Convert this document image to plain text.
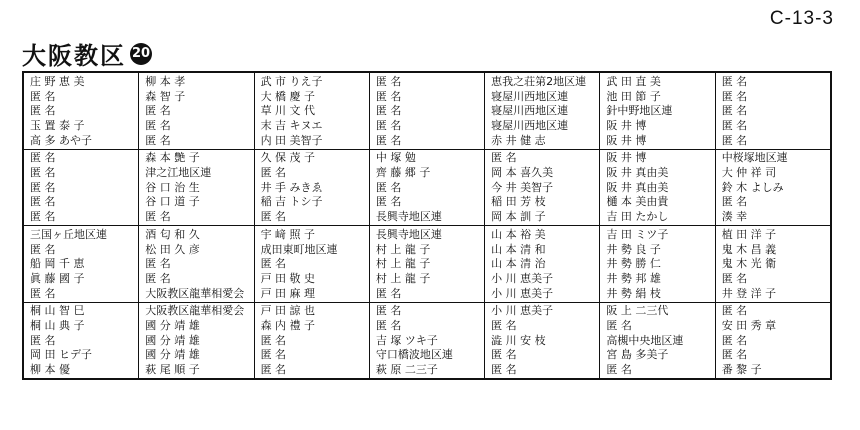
C-13-3
大阪教区 20
庄 野 恵 美
匿 名
匿 名
玉 置 泰 子
高 多 あや子
匿 名
匿 名
匿 名
匿 名
匿 名
三国ヶ丘地区連
匿 名
船 岡 千 恵
眞 藤 國 子
匿 名
桐 山 智 巳
桐 山 典 子
匿 名
岡 田 ヒデ子
柳 本 優
柳 本 孝
森 智 子
匿 名
匿 名
匿 名
森 本 艶 子
津之江地区連
谷 口 治 生
谷 口 道 子
匿 名
酒 匂 和 久
松 田 久 彦
匿 名
匿 名
大阪教区龍華相愛会
大阪教区龍華相愛会
國 分 靖 雄
國 分 靖 雄
國 分 靖 雄
萩 尾 順 子
武 市 りえ子
大 橋 慶 子
草 川 文 代
末 吉 キヌエ
内 田 美智子
久 保 茂 子
匿 名
井 手 みきゑ
稲 吉 トシ子
匿 名
宇 﨑 照 子
成田東町地区連
匿 名
戸 田 敬 史
戸 田 麻 理
戸 田 諒 也
森 内 禮 子
匿 名
匿 名
匿 名
匿 名
匿 名
匿 名
匿 名
匿 名
中 塚 勉
齊 藤 郷 子
匿 名
匿 名
長興寺地区連
長興寺地区連
村 上 龍 子
村 上 龍 子
村 上 龍 子
匿 名
匿 名
匿 名
吉 塚 ツキ子
守口橋波地区連
萩 原 二三子
恵我之荘第2地区連
寝屋川西地区連
寝屋川西地区連
寝屋川西地区連
赤 井 健 志
匿 名
岡 本 喜久美
今 井 美智子
稲 田 芳 枝
岡 本 訓 子
山 本 裕 美
山 本 清 和
山 本 清 治
小 川 恵美子
小 川 恵美子
小 川 恵美子
匿 名
澁 川 安 枝
匿 名
匿 名
武 田 直 美
池 田 節 子
針中野地区連
阪 井 博
阪 井 博
阪 井 博
阪 井 真由美
阪 井 真由美
樋 本 美由貴
吉 田 たかし
吉 田 ミツ子
井 勢 良 子
井 勢 勝 仁
井 勢 邦 雄
井 勢 絹 枝
阪 上 二三代
匿 名
高槻中央地区連
宮 島 多美子
匿 名
匿 名
匿 名
匿 名
匿 名
匿 名
中桜塚地区連
大 仲 祥 司
鈴 木 よしみ
匿 名
湊 幸
植 田 洋 子
鬼 木 昌 義
鬼 木 光 衛
匿 名
井 登 洋 子
匿 名
安 田 秀 章
匿 名
匿 名
番 黎 子
